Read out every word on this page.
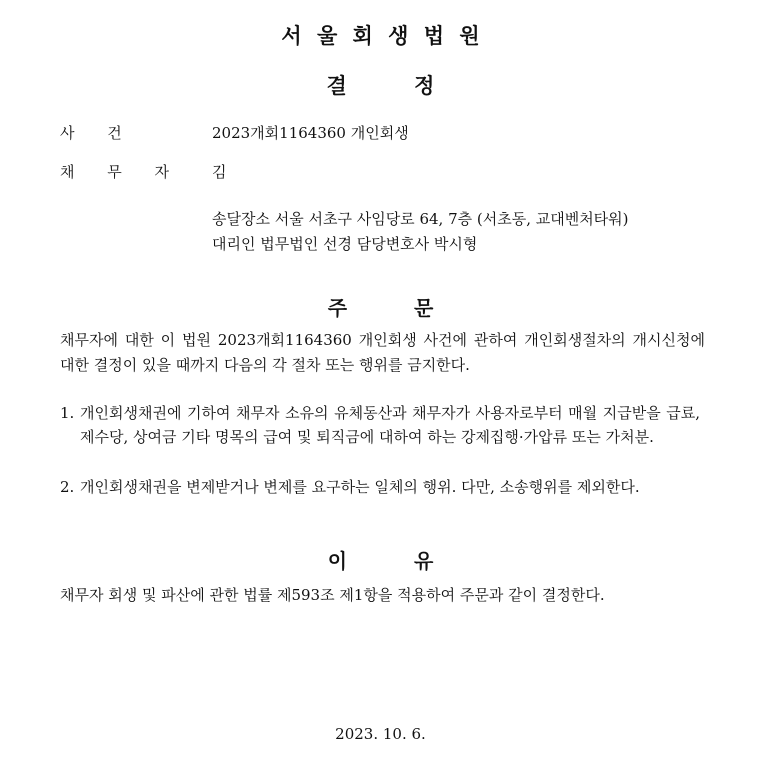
서 울 회 생 법 원
결 정
사 건	2023개회1164360 개인회생
채 무 자	김
송달장소 서울 서초구 사임당로 64, 7층 (서초동, 교대벤처타워)
대리인 법무법인 선경 담당변호사 박시형
주 문
채무자에 대한 이 법원 2023개회1164360 개인회생 사건에 관하여 개인회생절차의 개시신청에 대한 결정이 있을 때까지 다음의 각 절차 또는 행위를 금지한다.
1. 개인회생채권에 기하여 채무자 소유의 유체동산과 채무자가 사용자로부터 매월 지급받을 급료, 제수당, 상여금 기타 명목의 급여 및 퇴직금에 대하여 하는 강제집행·가압류 또는 가처분.
2. 개인회생채권을 변제받거나 변제를 요구하는 일체의 행위. 다만, 소송행위를 제외한다.
이 유
채무자 회생 및 파산에 관한 법률 제593조 제1항을 적용하여 주문과 같이 결정한다.
2023. 10. 6.
